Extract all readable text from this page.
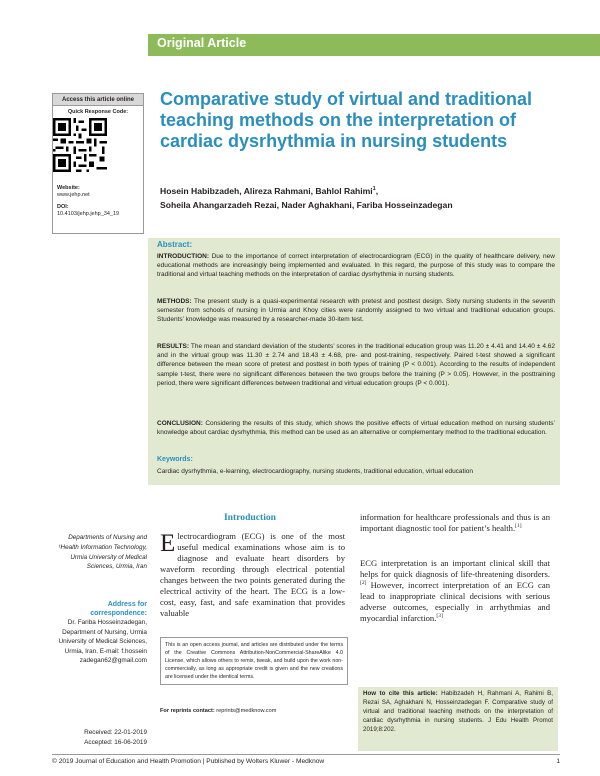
Original Article
Access this article online
Quick Response Code:
Website:
www.jehp.net
DOI:
10.4103/jehp.jehp_34_19
Comparative study of virtual and traditional teaching methods on the interpretation of cardiac dysrhythmia in nursing students
Hosein Habibzadeh, Alireza Rahmani, Bahlol Rahimi$^1$,
Soheila Ahangarzadeh Rezai, Nader Aghakhani, Fariba Hosseinzadegan
Abstract:
INTRODUCTION: Due to the importance of correct interpretation of electrocardiogram (ECG) in the quality of healthcare delivery, new educational methods are increasingly being implemented and evaluated. In this regard, the purpose of this study was to compare the traditional and virtual teaching methods on the interpretation of cardiac dysrhythmia in nursing students.
METHODS: The present study is a quasi-experimental research with pretest and posttest design. Sixty nursing students in the seventh semester from schools of nursing in Urmia and Khoy cities were randomly assigned to two virtual and traditional education groups. Students’ knowledge was measured by a researcher-made 30-item test.
RESULTS: The mean and standard deviation of the students’ scores in the traditional education group was 11.20 ± 4.41 and 14.40 ± 4.62 and in the virtual group was 11.30 ± 2.74 and 18.43 ± 4.68, pre- and post-training, respectively. Paired t-test showed a significant difference between the mean score of pretest and posttest in both types of training (P < 0.001). According to the results of independent sample t-test, there were no significant differences between the two groups before the training (P > 0.05). However, in the posttraining period, there were significant differences between traditional and virtual education groups (P < 0.001).
CONCLUSION: Considering the results of this study, which shows the positive effects of virtual education method on nursing students’ knowledge about cardiac dysrhythmia, this method can be used as an alternative or complementary method to the traditional education.
Keywords:
Cardiac dysrhythmia, e-learning, electrocardiography, nursing students, traditional education, virtual education
Departments of Nursing and ¹Health Information Technology, Urmia University of Medical Sciences, Urmia, Iran
Address for correspondence:
Dr. Fariba Hosseinzadegan, Department of Nursing, Urmia University of Medical Sciences, Urmia, Iran. E-mail: f.hossein zadegan62@gmail.com
Received: 22-01-2019
Accepted: 16-06-2019
Introduction
Electrocardiogram (ECG) is one of the most useful medical examinations whose aim is to diagnose and evaluate heart disorders by waveform recording through electrical potential changes between the two points generated during the electrical activity of the heart. The ECG is a low-cost, easy, fast, and safe examination that provides valuable
information for healthcare professionals and thus is an important diagnostic tool for patient’s health.[1]
ECG interpretation is an important clinical skill that helps for quick diagnosis of life-threatening disorders.[2] However, incorrect interpretation of an ECG can lead to inappropriate clinical decisions with serious adverse outcomes, especially in arrhythmias and myocardial infarction.[3]
This is an open access journal, and articles are distributed under the terms of the Creative Commons Attribution-NonCommercial-ShareAlike 4.0 License, which allows others to remix, tweak, and build upon the work non-commercially, as long as appropriate credit is given and the new creations are licensed under the identical terms.
For reprints contact: reprints@medknow.com
How to cite this article: Habibzadeh H, Rahmani A, Rahimi B, Rezai SA, Aghakhani N, Hosseinzadegan F. Comparative study of virtual and traditional teaching methods on the interpretation of cardiac dysrhythmia in nursing students. J Edu Health Promot 2019;8:202.
© 2019 Journal of Education and Health Promotion | Published by Wolters Kluwer - Medknow	1
